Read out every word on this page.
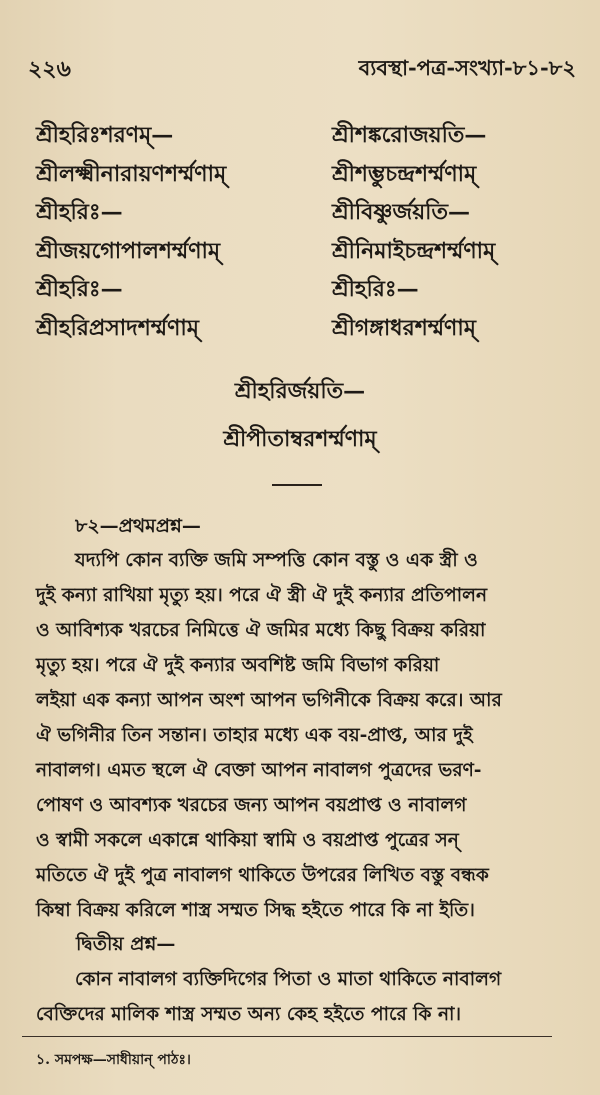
২২৬	ব্যবস্থা-পত্র-সংখ্যা-৮১-৮২
শ্রীহরিঃশরণম্—	শ্রীশঙ্করোজয়তি—
শ্রীলক্ষ্মীনারায়ণশর্ম্মণাম্	শ্রীশম্ভুচন্দ্রশর্ম্মণাম্
শ্রীহরিঃ—	শ্রীবিষ্ণুর্জয়তি—
শ্রীজয়গোপালশর্ম্মণাম্	শ্রীনিমাইচন্দ্রশর্ম্মণাম্
শ্রীহরিঃ—	শ্রীহরিঃ—
শ্রীহরিপ্রসাদশর্ম্মণাম্	শ্রীগঙ্গাধরশর্ম্মণাম্
শ্রীহরির্জয়তি—
শ্রীপীতাম্বরশর্ম্মণাম্
৮২—প্রথমপ্রশ্ন—
যদ্যপি কোন ব্যক্তি জমি সম্পত্তি কোন বস্তু ও এক স্ত্রী ও
দুই কন্যা রাখিয়া মৃত্যু হয়। পরে ঐ স্ত্রী ঐ দুই কন্যার প্রতিপালন
ও আবিশ্যক খরচের নিমিত্তে ঐ জমির মধ্যে কিছু বিক্রয় করিয়া
মৃত্যু হয়। পরে ঐ দুই কন্যার অবশিষ্ট জমি বিভাগ করিয়া
লইয়া এক কন্যা আপন অংশ আপন ভগিনীকে বিক্রয় করে। আর
ঐ ভগিনীর তিন সন্তান। তাহার মধ্যে এক বয়-প্রাপ্ত, আর দুই
নাবালগ। এমত স্থলে ঐ বেক্তা আপন নাবালগ পুত্রদের ভরণ-
পোষণ ও আবশ্যক খরচের জন্য আপন বয়প্রাপ্ত ও নাবালগ
ও স্বামী সকলে একান্নে থাকিয়া স্বামি ও বয়প্রাপ্ত পুত্রের সন্
মতিতে ঐ দুই পুত্র নাবালগ থাকিতে উপরের লিখিত বস্তু বন্ধক
কিম্বা বিক্রয় করিলে শাস্ত্র সম্মত সিদ্ধ হইতে পারে কি না ইতি।
দ্বিতীয় প্রশ্ন—
কোন নাবালগ ব্যক্তিদিগের পিতা ও মাতা থাকিতে নাবালগ
বেক্তিদের মালিক শাস্ত্র সম্মত অন্য কেহ হইতে পারে কি না।
১. সমপক্ষ—সাধীয়ান্ পাঠঃ।
